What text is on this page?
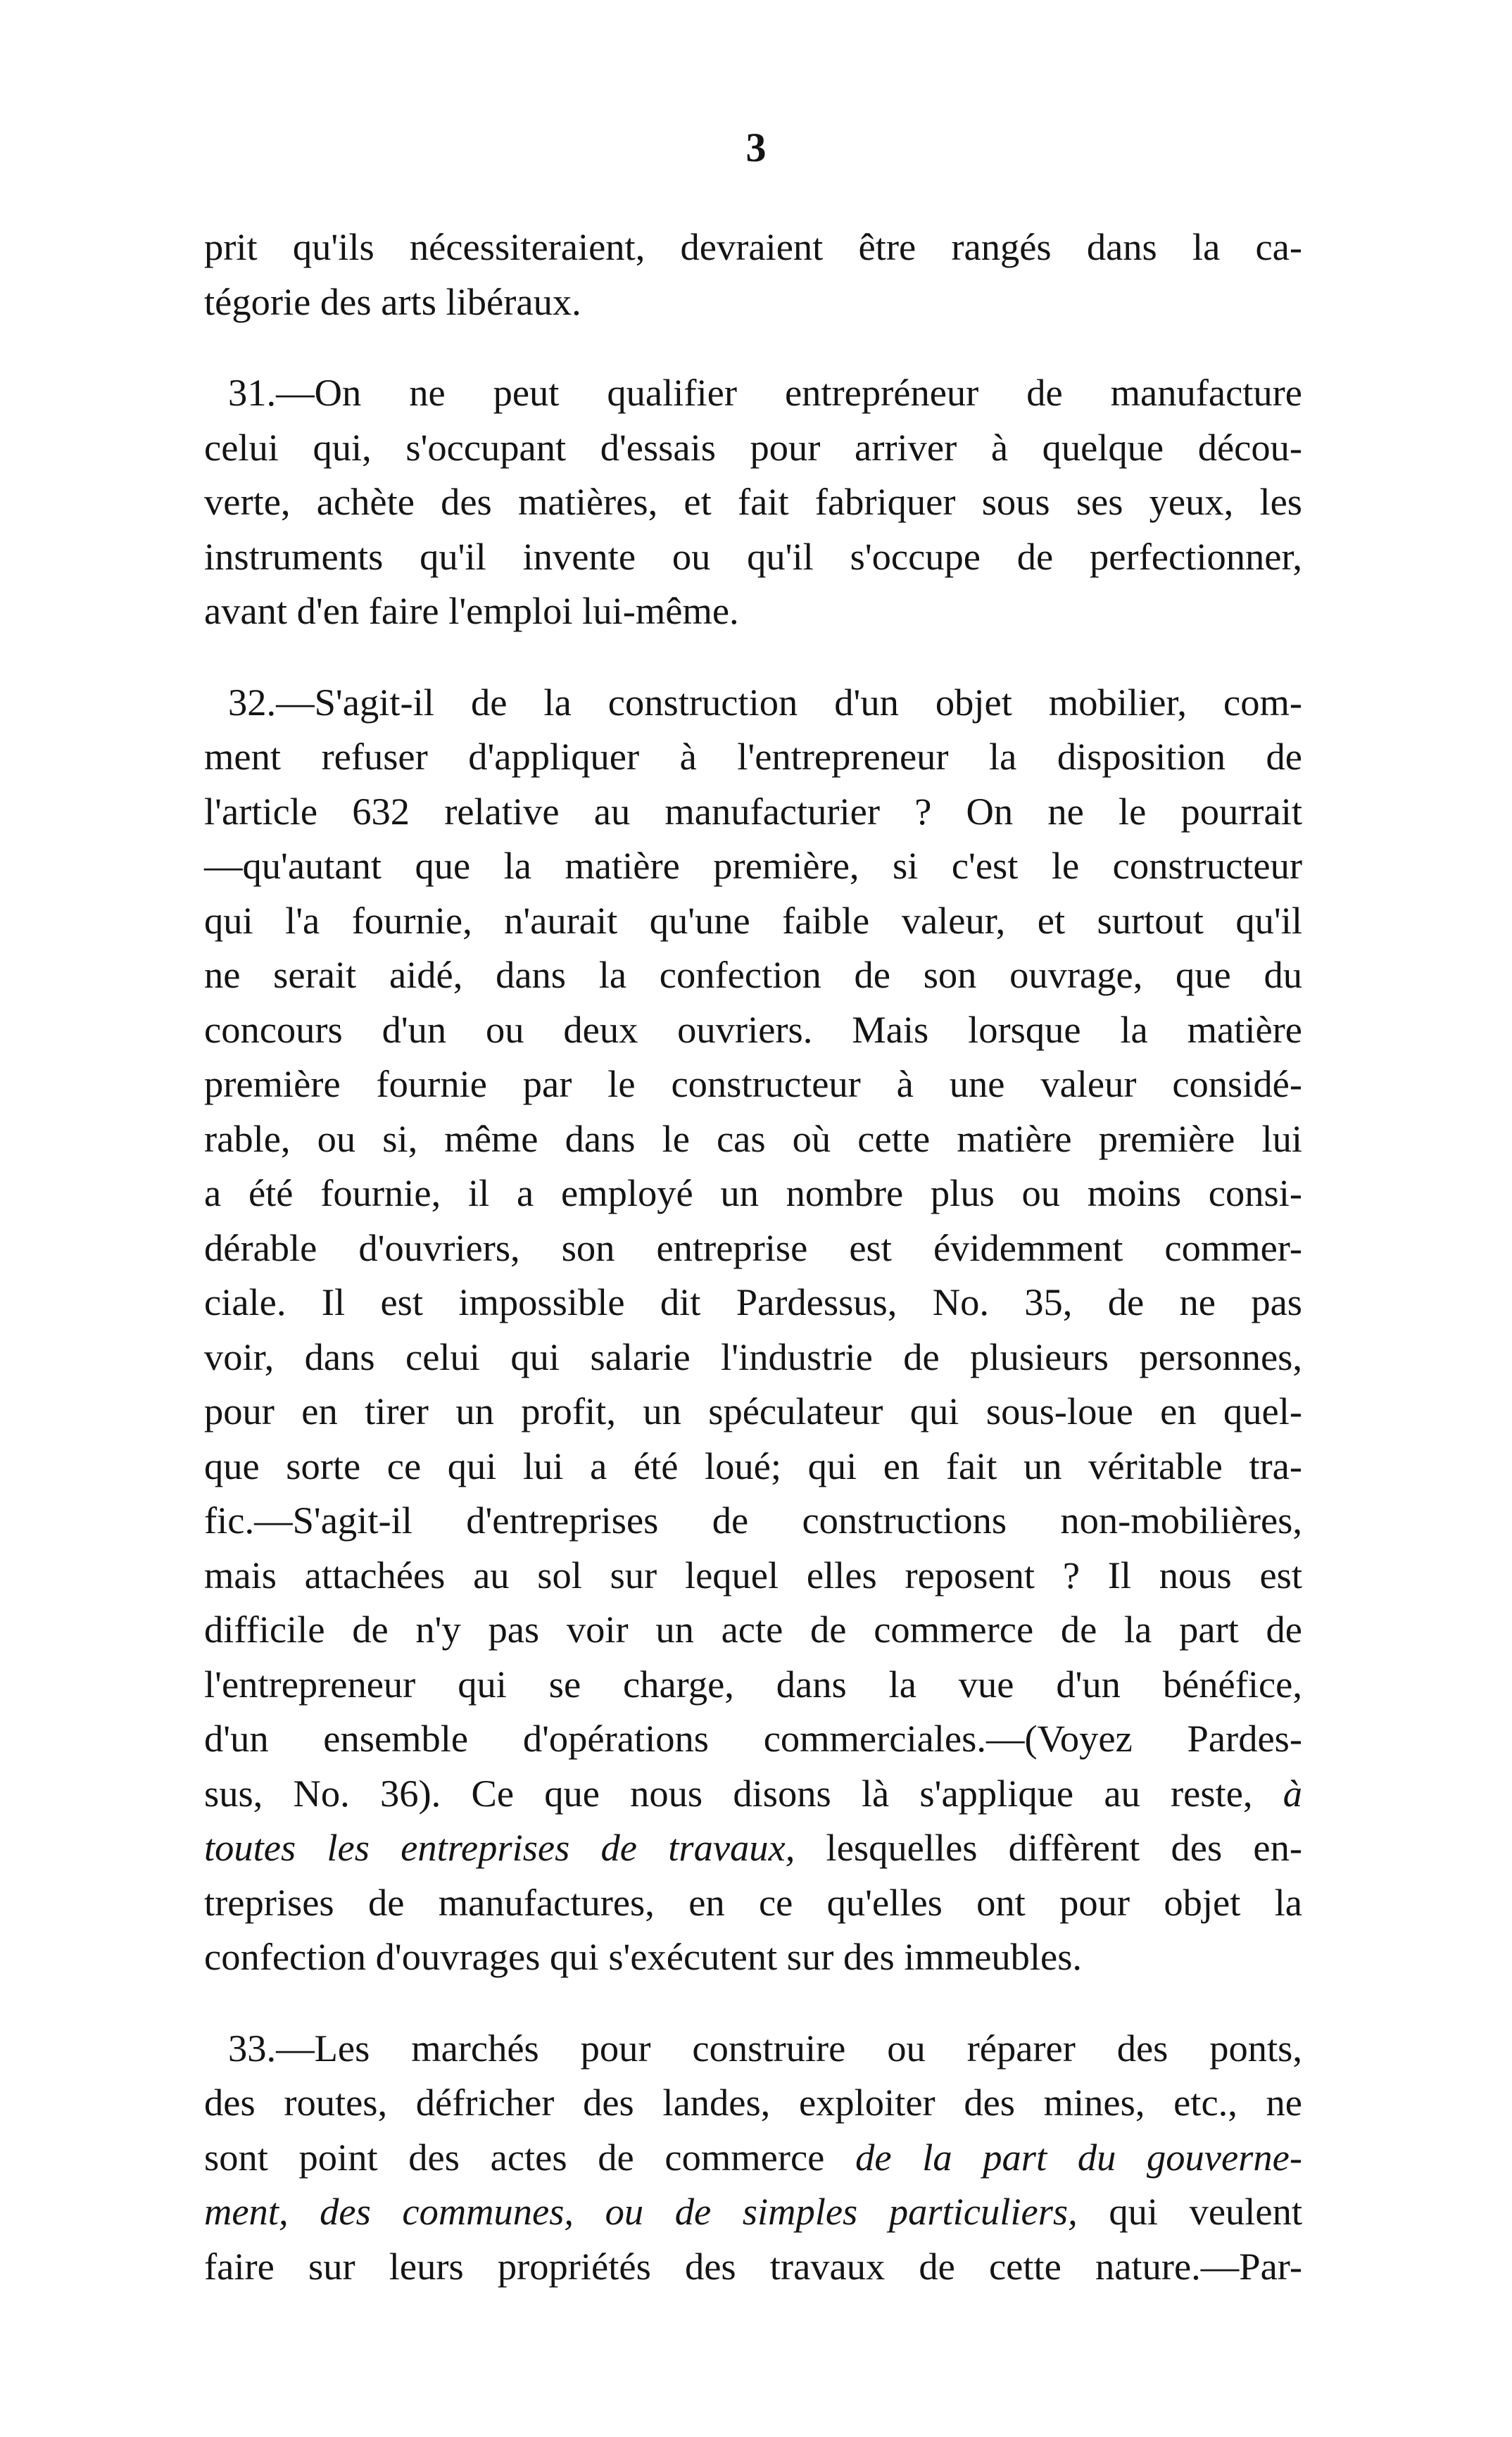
3
prit qu'ils nécessiteraient, devraient être rangés dans la ca-
tégorie des arts libéraux.
31.—On ne peut qualifier entrepréneur de manufacture
celui qui, s'occupant d'essais pour arriver à quelque décou-
verte, achète des matières, et fait fabriquer sous ses yeux, les
instruments qu'il invente ou qu'il s'occupe de perfectionner,
avant d'en faire l'emploi lui-même.
32.—S'agit-il de la construction d'un objet mobilier, com-
ment refuser d'appliquer à l'entrepreneur la disposition de
l'article 632 relative au manufacturier ? On ne le pourrait
—qu'autant que la matière première, si c'est le constructeur
qui l'a fournie, n'aurait qu'une faible valeur, et surtout qu'il
ne serait aidé, dans la confection de son ouvrage, que du
concours d'un ou deux ouvriers. Mais lorsque la matière
première fournie par le constructeur à une valeur considé-
rable, ou si, même dans le cas où cette matière première lui
a été fournie, il a employé un nombre plus ou moins consi-
dérable d'ouvriers, son entreprise est évidemment commer-
ciale. Il est impossible dit Pardessus, No. 35, de ne pas
voir, dans celui qui salarie l'industrie de plusieurs personnes,
pour en tirer un profit, un spéculateur qui sous-loue en quel-
que sorte ce qui lui a été loué; qui en fait un véritable tra-
fic.—S'agit-il d'entreprises de constructions non-mobilières,
mais attachées au sol sur lequel elles reposent ? Il nous est
difficile de n'y pas voir un acte de commerce de la part de
l'entrepreneur qui se charge, dans la vue d'un bénéfice,
d'un ensemble d'opérations commerciales.—(Voyez Pardes-
sus, No. 36). Ce que nous disons là s'applique au reste, à
toutes les entreprises de travaux, lesquelles diffèrent des en-
treprises de manufactures, en ce qu'elles ont pour objet la
confection d'ouvrages qui s'exécutent sur des immeubles.
33.—Les marchés pour construire ou réparer des ponts,
des routes, défricher des landes, exploiter des mines, etc., ne
sont point des actes de commerce de la part du gouverne-
ment, des communes, ou de simples particuliers, qui veulent
faire sur leurs propriétés des travaux de cette nature.—Par-
